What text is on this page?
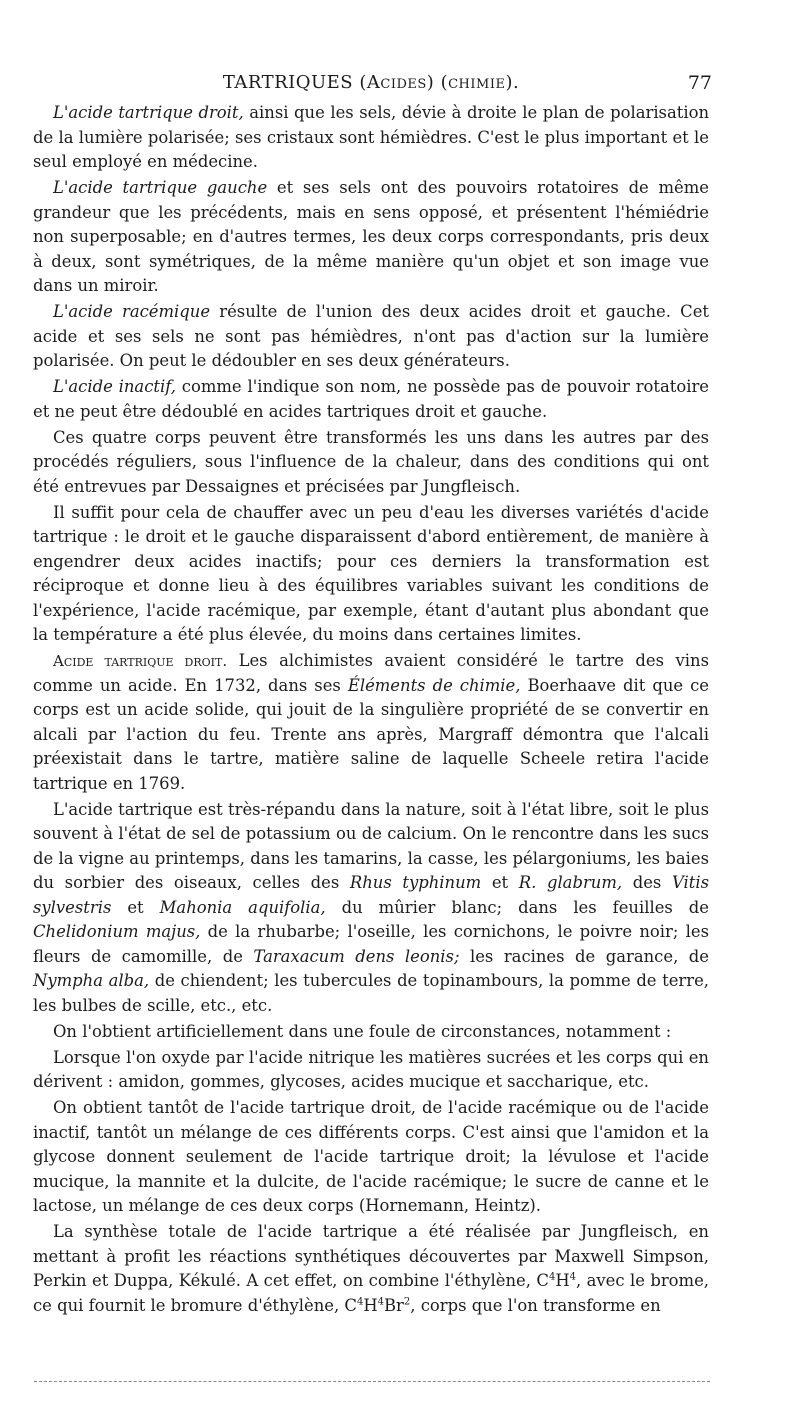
TARTRIQUES (Acides) (chimie).	77

L'acide tartrique droit, ainsi que les sels, dévie à droite le plan de polarisation de la lumière polarisée; ses cristaux sont hémièdres. C'est le plus important et le seul employé en médecine.

L'acide tartrique gauche et ses sels ont des pouvoirs rotatoires de même grandeur que les précédents, mais en sens opposé, et présentent l'hémiédrie non superposable; en d'autres termes, les deux corps correspondants, pris deux à deux, sont symétriques, de la même manière qu'un objet et son image vue dans un miroir.

L'acide racémique résulte de l'union des deux acides droit et gauche. Cet acide et ses sels ne sont pas hémièdres, n'ont pas d'action sur la lumière polarisée. On peut le dédoubler en ses deux générateurs.

L'acide inactif, comme l'indique son nom, ne possède pas de pouvoir rotatoire et ne peut être dédoublé en acides tartriques droit et gauche.

Ces quatre corps peuvent être transformés les uns dans les autres par des procédés réguliers, sous l'influence de la chaleur, dans des conditions qui ont été entrevues par Dessaignes et précisées par Jungfleisch.

Il suffit pour cela de chauffer avec un peu d'eau les diverses variétés d'acide tartrique : le droit et le gauche disparaissent d'abord entièrement, de manière à engendrer deux acides inactifs; pour ces derniers la transformation est réciproque et donne lieu à des équilibres variables suivant les conditions de l'expérience, l'acide racémique, par exemple, étant d'autant plus abondant que la température a été plus élevée, du moins dans certaines limites.

Acide tartrique droit. Les alchimistes avaient considéré le tartre des vins comme un acide. En 1732, dans ses Éléments de chimie, Boerhaave dit que ce corps est un acide solide, qui jouit de la singulière propriété de se convertir en alcali par l'action du feu. Trente ans après, Margraff démontra que l'alcali préexistait dans le tartre, matière saline de laquelle Scheele retira l'acide tartrique en 1769.

L'acide tartrique est très-répandu dans la nature, soit à l'état libre, soit le plus souvent à l'état de sel de potassium ou de calcium. On le rencontre dans les sucs de la vigne au printemps, dans les tamarins, la casse, les pélargoniums, les baies du sorbier des oiseaux, celles des Rhus typhinum et R. glabrum, des Vitis sylvestris et Mahonia aquifolia, du mûrier blanc; dans les feuilles de Chelidonium majus, de la rhubarbe; l'oseille, les cornichons, le poivre noir; les fleurs de camomille, de Taraxacum dens leonis; les racines de garance, de Nympha alba, de chiendent; les tubercules de topinambours, la pomme de terre, les bulbes de scille, etc., etc.

On l'obtient artificiellement dans une foule de circonstances, notamment :

Lorsque l'on oxyde par l'acide nitrique les matières sucrées et les corps qui en dérivent : amidon, gommes, glycoses, acides mucique et saccharique, etc.

On obtient tantôt de l'acide tartrique droit, de l'acide racémique ou de l'acide inactif, tantôt un mélange de ces différents corps. C'est ainsi que l'amidon et la glycose donnent seulement de l'acide tartrique droit; la lévulose et l'acide mucique, la mannite et la dulcite, de l'acide racémique; le sucre de canne et le lactose, un mélange de ces deux corps (Hornemann, Heintz).

La synthèse totale de l'acide tartrique a été réalisée par Jungfleisch, en mettant à profit les réactions synthétiques découvertes par Maxwell Simpson, Perkin et Duppa, Kékulé. A cet effet, on combine l'éthylène, $C^4H^4$, avec le brome, ce qui fournit le bromure d'éthylène, $C^4H^4Br^2$, corps que l'on transforme en
